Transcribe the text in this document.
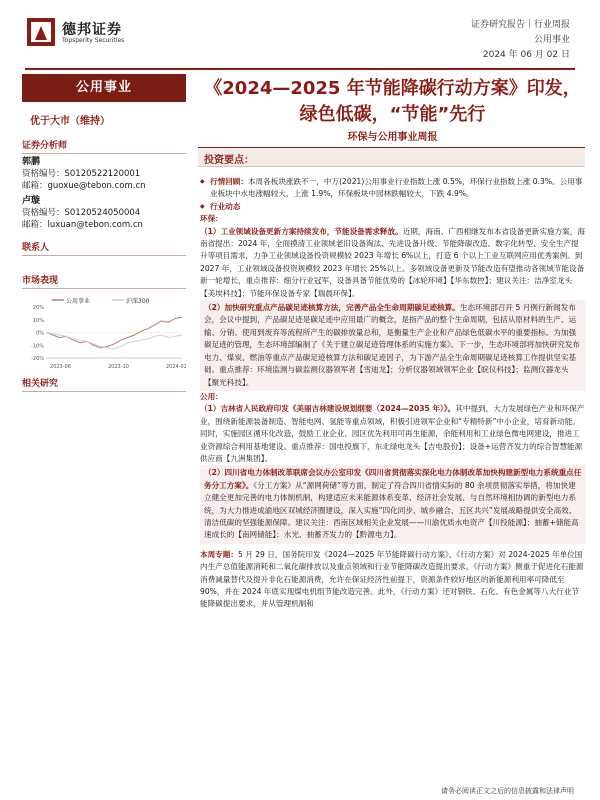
德邦证券
Topsperity Securities
证券研究报告｜行业周报
公用事业
2024 年 06 月 02 日
公用事业
优于大市（维持）
证券分析师
郭鹏
资格编号：S0120522120001
邮箱：guoxue@tebon.com.cn
卢璇
资格编号：S0120524050004
邮箱：luxuan@tebon.com.cn
联系人
市场表现
公用事业	沪深300
20%
10%
0%
-10%
-20%
2023-06	2023-10	2024-02
相关研究
《2024—2025 年节能降碳行动方案》印发，绿色低碳，“节能”先行
环保与公用事业周报
投资要点：

◆ 行情回顾：本周各板块涨跌不一，中万(2021)公用事业行业指数上涨 0.5%，环保行业指数上涨 0.3%。公用事业板块中水电涨幅较大，上涨 1.9%，环保板块中园林跌幅较大，下跌 4.9%。

◆ 行业动态

环保：

（1）工业领域设备更新方案持续发布，节能设备需求释放。近期，海南、广西相继发布本省设备更新实施方案，海南省提出：2024 年，全面摸清工业领域老旧设备淘汰、先进设备升级、节能降碳改造、数字化转型、安全生产提升等项目需求，力争工业领域设备投资规模较 2023 年增长 6%以上，打造 6 个以上工业互联网应用优秀案例。到 2027 年，工业领域设备投资规模较 2023 年增长 25%以上。多领域设备更新及节能改造有望推动各领域节能设备新一轮增长，重点推荐：细分行业冠军，设备具备节能优势的【冰轮环境】【华东数控】；建议关注：洁净室龙头【美埃科技】；节能环保设备专家【瑞晨环保】。

（2）加快研究重点产品碳足迹核算方法，完善产品全生命周期碳足迹核算。生态环境部召开 5 月例行新闻发布会，会议中提到，产品碳足迹是碳足迹中应用最广的概念，是指产品的整个生命周期，包括从原材料的生产、运输、分销、使用到废弃等流程所产生的碳排放量总和，是衡量生产企业和产品绿色低碳水平的重要指标。为加强碳足迹的管理，生态环境部编制了《关于建立碳足迹管理体系的实施方案》。下一步，生态环境部将加快研究发布电力、煤炭、燃油等重点产品碳足迹核算方法和碳足迹因子，为下游产品全生命周期碳足迹核算工作提供坚实基础。重点推荐：环境监测与碳监测仪器领军者【雪迪龙】；分析仪器领域领军企业【皖仪科技】；监测仪器龙头【聚光科技】。

公用：

（1）吉林省人民政府印发《美丽吉林建设规划纲要（2024—2035 年）》。其中提到，大力发展绿色产业和环保产业，围绕新能源装备制造、智能电网、氢能等重点领域，积极引进领军企业和“专精特新”中小企业，培育新动能。同时，实施园区循环化改造，鼓励工业企业、园区优先利用可再生能源，余能利用和工业绿色微电网建设，推进工业资源综合利用基地建设。重点推荐：国电投旗下，东北绿电龙头【吉电股份】；设备+运营齐发力的综合智慧能源供应商【九洲集团】。

（2）四川省电力体制改革联席会议办公室印发《四川省贯彻落实深化电力体制改革加快构建新型电力系统重点任务分工方案》。《分工方案》从“源网荷储”等方面，制定了符合四川省情实际的 80 余项贯彻落实举措，将加快建立健全更加完善的电力体制机制，构建适应未来能源体系变革、经济社会发展、与自然环境相协调的新型电力系统，为大力推进成渝地区双城经济圈建设，深入实施“四化同步、城乡融合、五区共兴”发展战略提供安全高效、清洁低碳的坚强能源保障。建议关注：西南区域相关企业发展——川渝优质水电资产【川投能源】；抽蓄+储能高速成长的【南网储能】；水光、抽蓄齐发力的【黔源电力】。

本周专题：5 月 29 日，国务院印发《2024—2025 年节能降碳行动方案》，《行动方案》对 2024-2025 年单位国内生产总值能源消耗和二氧化碳排放以及重点领域和行业节能降碳改造提出要求。《行动方案》侧重于促进化石能源消费减量替代及提升非化石能源消费，允许在保证经济性前提下，资源条件较好地区的新能源利用率可降低至 90%，并在 2024 年底实现煤电机组节能改造完善。此外，《行动方案》还对钢铁、石化、有色金属等八大行业节能降碳提出要求，并从管理机制和

请务必阅读正文之后的信息披露和法律声明
